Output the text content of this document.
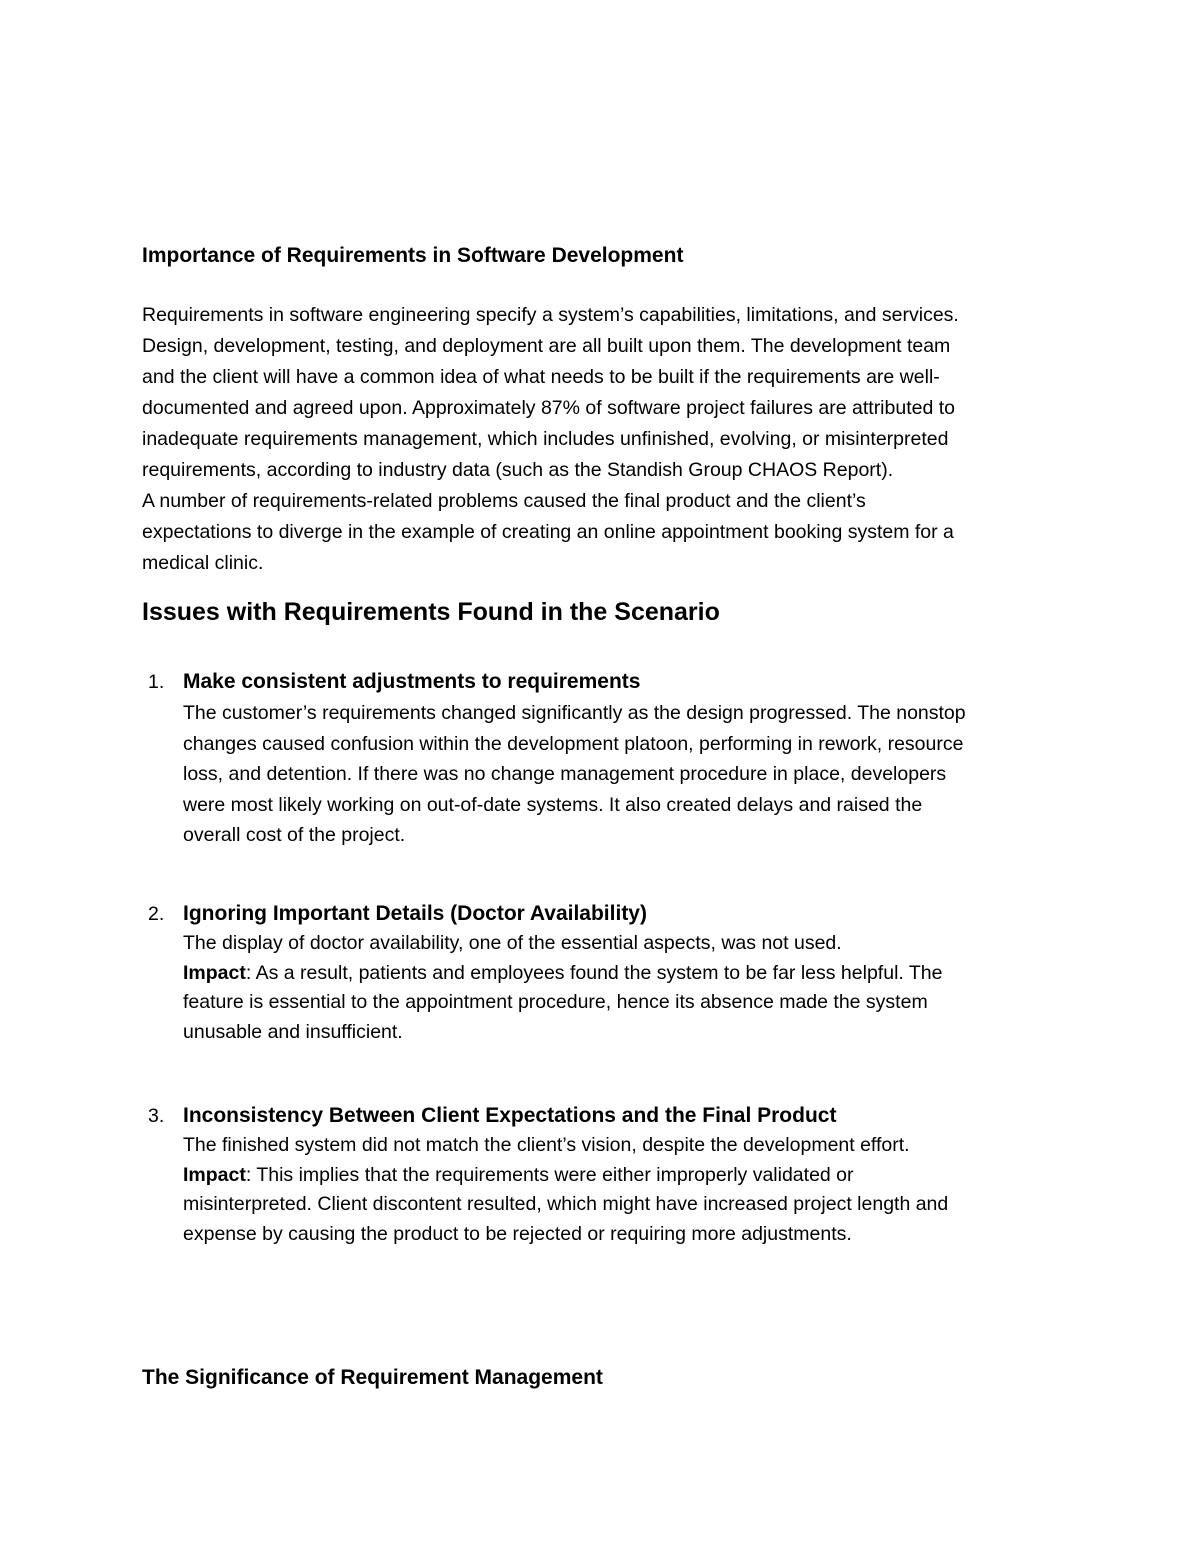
Importance of Requirements in Software Development

Requirements in software engineering specify a system’s capabilities, limitations, and services.
Design, development, testing, and deployment are all built upon them. The development team
and the client will have a common idea of what needs to be built if the requirements are well-
documented and agreed upon. Approximately 87% of software project failures are attributed to
inadequate requirements management, which includes unfinished, evolving, or misinterpreted
requirements, according to industry data (such as the Standish Group CHAOS Report).
A number of requirements-related problems caused the final product and the client’s
expectations to diverge in the example of creating an online appointment booking system for a
medical clinic.

Issues with Requirements Found in the Scenario
1. Make consistent adjustments to requirements
The customer’s requirements changed significantly as the design progressed. The nonstop
changes caused confusion within the development platoon, performing in rework, resource
loss, and detention. If there was no change management procedure in place, developers
were most likely working on out-of-date systems. It also created delays and raised the
overall cost of the project.
2. Ignoring Important Details (Doctor Availability)
The display of doctor availability, one of the essential aspects, was not used.
Impact: As a result, patients and employees found the system to be far less helpful. The
feature is essential to the appointment procedure, hence its absence made the system
unusable and insufficient.
3. Inconsistency Between Client Expectations and the Final Product
The finished system did not match the client’s vision, despite the development effort.
Impact: This implies that the requirements were either improperly validated or
misinterpreted. Client discontent resulted, which might have increased project length and
expense by causing the product to be rejected or requiring more adjustments.
The Significance of Requirement Management
